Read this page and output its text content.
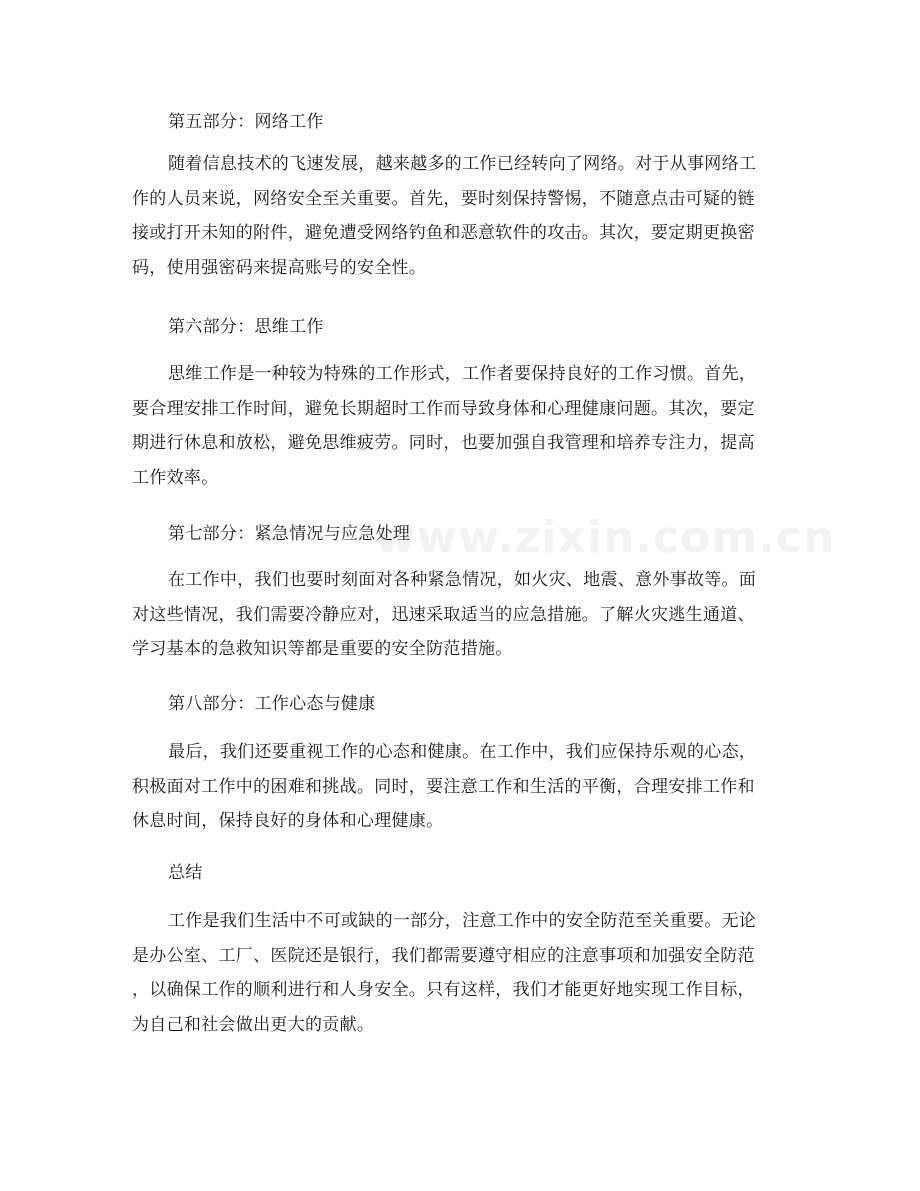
www.zixin.com.cn
第五部分：网络工作
随着信息技术的飞速发展，越来越多的工作已经转向了网络。对于从事网络工
作的人员来说，网络安全至关重要。首先，要时刻保持警惕，不随意点击可疑的链
接或打开未知的附件，避免遭受网络钓鱼和恶意软件的攻击。其次，要定期更换密
码，使用强密码来提高账号的安全性。
第六部分：思维工作
思维工作是一种较为特殊的工作形式，工作者要保持良好的工作习惯。首先，
要合理安排工作时间，避免长期超时工作而导致身体和心理健康问题。其次，要定
期进行休息和放松，避免思维疲劳。同时，也要加强自我管理和培养专注力，提高
工作效率。
第七部分：紧急情况与应急处理
在工作中，我们也要时刻面对各种紧急情况，如火灾、地震、意外事故等。面
对这些情况，我们需要冷静应对，迅速采取适当的应急措施。了解火灾逃生通道、
学习基本的急救知识等都是重要的安全防范措施。
第八部分：工作心态与健康
最后，我们还要重视工作的心态和健康。在工作中，我们应保持乐观的心态，
积极面对工作中的困难和挑战。同时，要注意工作和生活的平衡，合理安排工作和
休息时间，保持良好的身体和心理健康。
总结
工作是我们生活中不可或缺的一部分，注意工作中的安全防范至关重要。无论
是办公室、工厂、医院还是银行，我们都需要遵守相应的注意事项和加强安全防范
，以确保工作的顺利进行和人身安全。只有这样，我们才能更好地实现工作目标，
为自己和社会做出更大的贡献。
